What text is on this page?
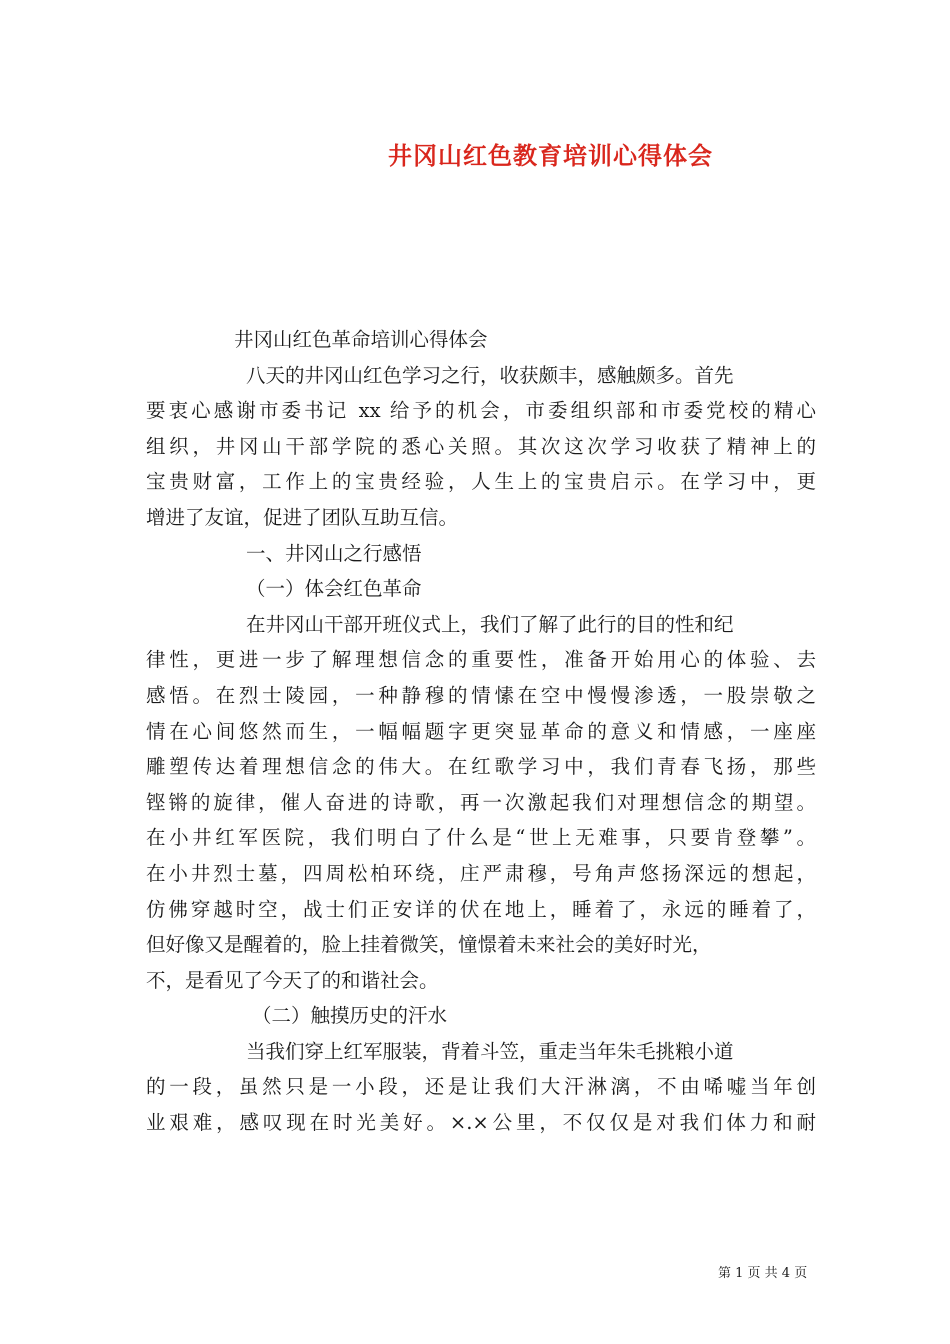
井冈山红色教育培训心得体会
井冈山红色革命培训心得体会
八天的井冈山红色学习之行，收获颇丰，感触颇多。首先
要衷心感谢市委书记 xx 给予的机会，市委组织部和市委党校的精心
组织，井冈山干部学院的悉心关照。其次这次学习收获了精神上的
宝贵财富，工作上的宝贵经验，人生上的宝贵启示。在学习中，更
增进了友谊，促进了团队互助互信。
一、井冈山之行感悟
（一）体会红色革命
在井冈山干部开班仪式上，我们了解了此行的目的性和纪
律性，更进一步了解理想信念的重要性，准备开始用心的体验、去
感悟。在烈士陵园，一种静穆的情愫在空中慢慢渗透，一股崇敬之
情在心间悠然而生，一幅幅题字更突显革命的意义和情感，一座座
雕塑传达着理想信念的伟大。在红歌学习中，我们青春飞扬，那些
铿锵的旋律，催人奋进的诗歌，再一次激起我们对理想信念的期望。
在小井红军医院，我们明白了什么是“世上无难事，只要肯登攀”。
在小井烈士墓，四周松柏环绕，庄严肃穆，号角声悠扬深远的想起，
仿佛穿越时空，战士们正安详的伏在地上，睡着了，永远的睡着了，
但好像又是醒着的，脸上挂着微笑，憧憬着未来社会的美好时光，
不，是看见了今天了的和谐社会。
（二）触摸历史的汗水
当我们穿上红军服装，背着斗笠，重走当年朱毛挑粮小道
的一段，虽然只是一小段，还是让我们大汗淋漓，不由唏嘘当年创
业艰难，感叹现在时光美好。×.×公里，不仅仅是对我们体力和耐
第 1 页 共 4 页
